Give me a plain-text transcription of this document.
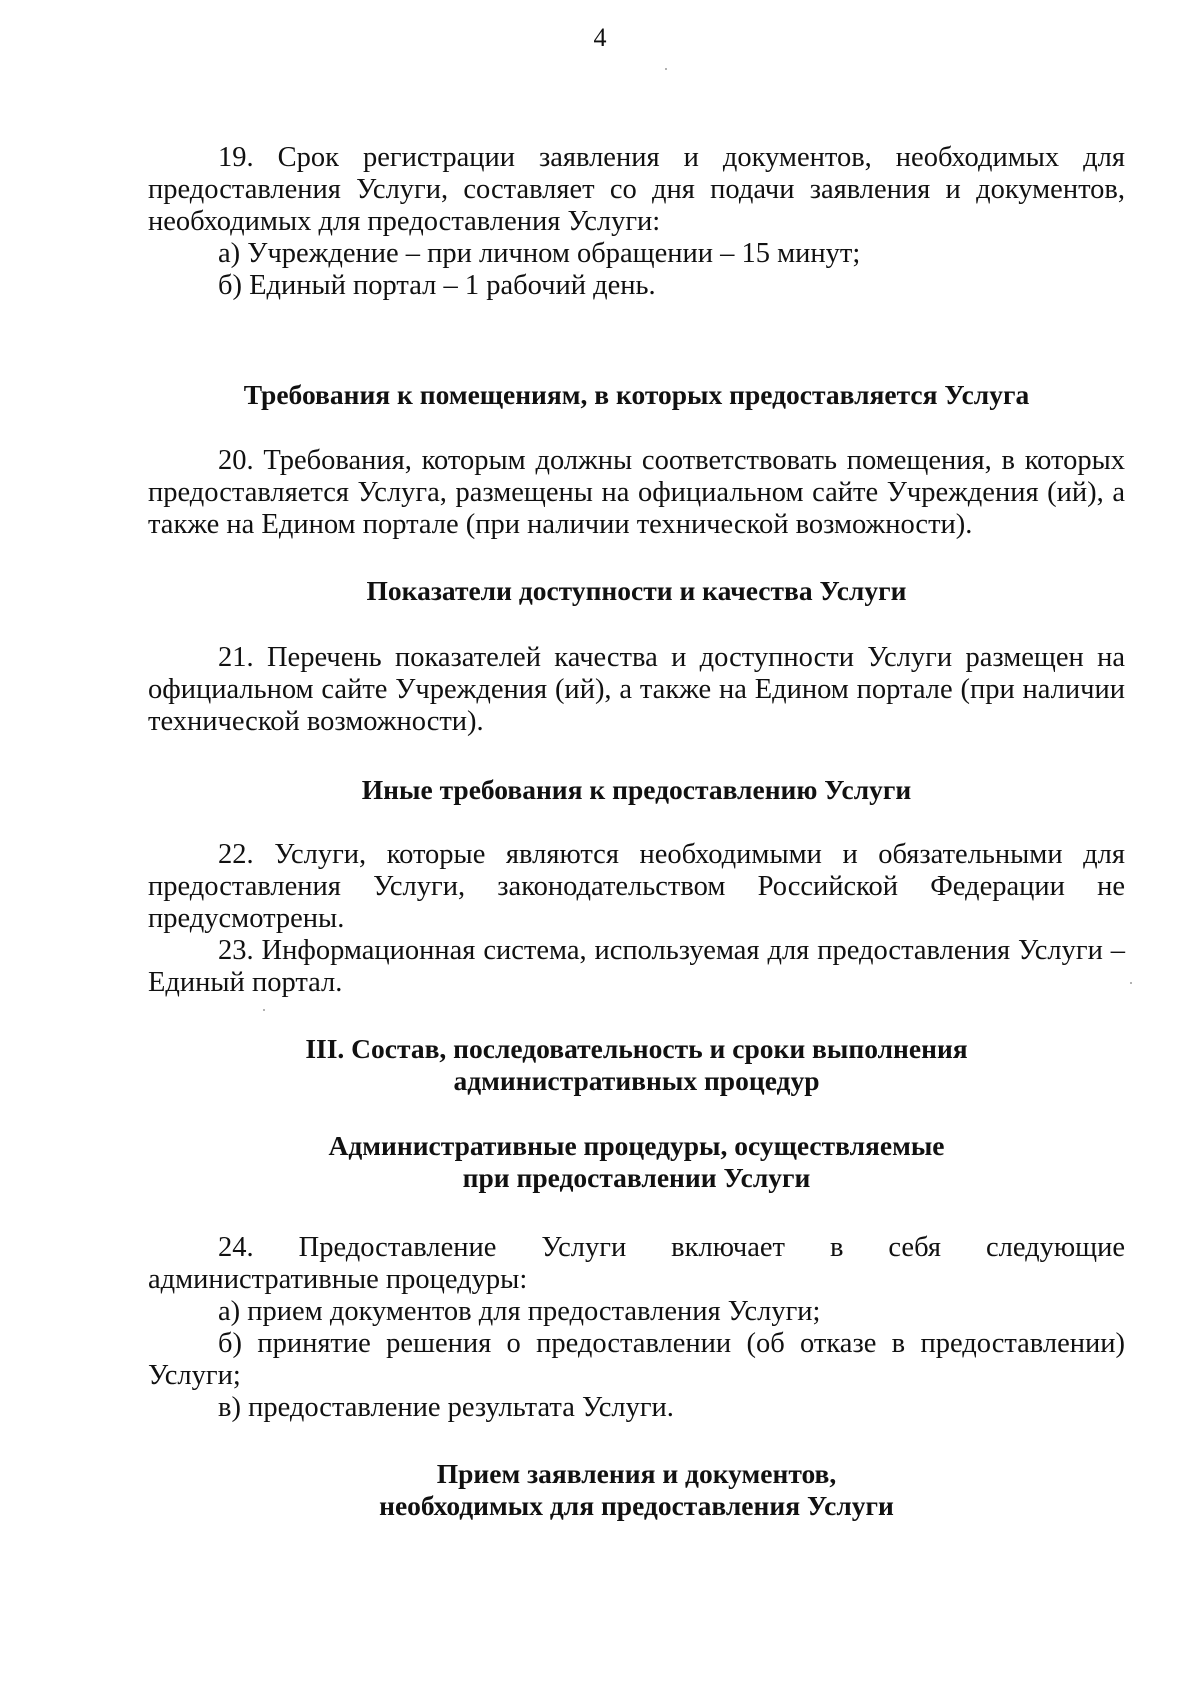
4

19. Срок регистрации заявления и документов, необходимых для предоставления Услуги, составляет со дня подачи заявления и документов, необходимых для предоставления Услуги:

а) Учреждение – при личном обращении – 15 минут;

б) Единый портал – 1 рабочий день.

Требования к помещениям, в которых предоставляется Услуга

20. Требования, которым должны соответствовать помещения, в которых предоставляется Услуга, размещены на официальном сайте Учреждения (ий), а также на Едином портале (при наличии технической возможности).

Показатели доступности и качества Услуги

21. Перечень показателей качества и доступности Услуги размещен на официальном сайте Учреждения (ий), а также на Едином портале (при наличии технической возможности).

Иные требования к предоставлению Услуги

22. Услуги, которые являются необходимыми и обязательными для предоставления Услуги, законодательством Российской Федерации не предусмотрены.

23. Информационная система, используемая для предоставления Услуги – Единый портал.

III. Состав, последовательность и сроки выполнения
административных процедур
Административные процедуры, осуществляемые
при предоставлении Услуги

24. Предоставление Услуги включает в себя следующие административные процедуры:

а) прием документов для предоставления Услуги;

б) принятие решения о предоставлении (об отказе в предоставлении) Услуги;

в) предоставление результата Услуги.

Прием заявления и документов,
необходимых для предоставления Услуги
